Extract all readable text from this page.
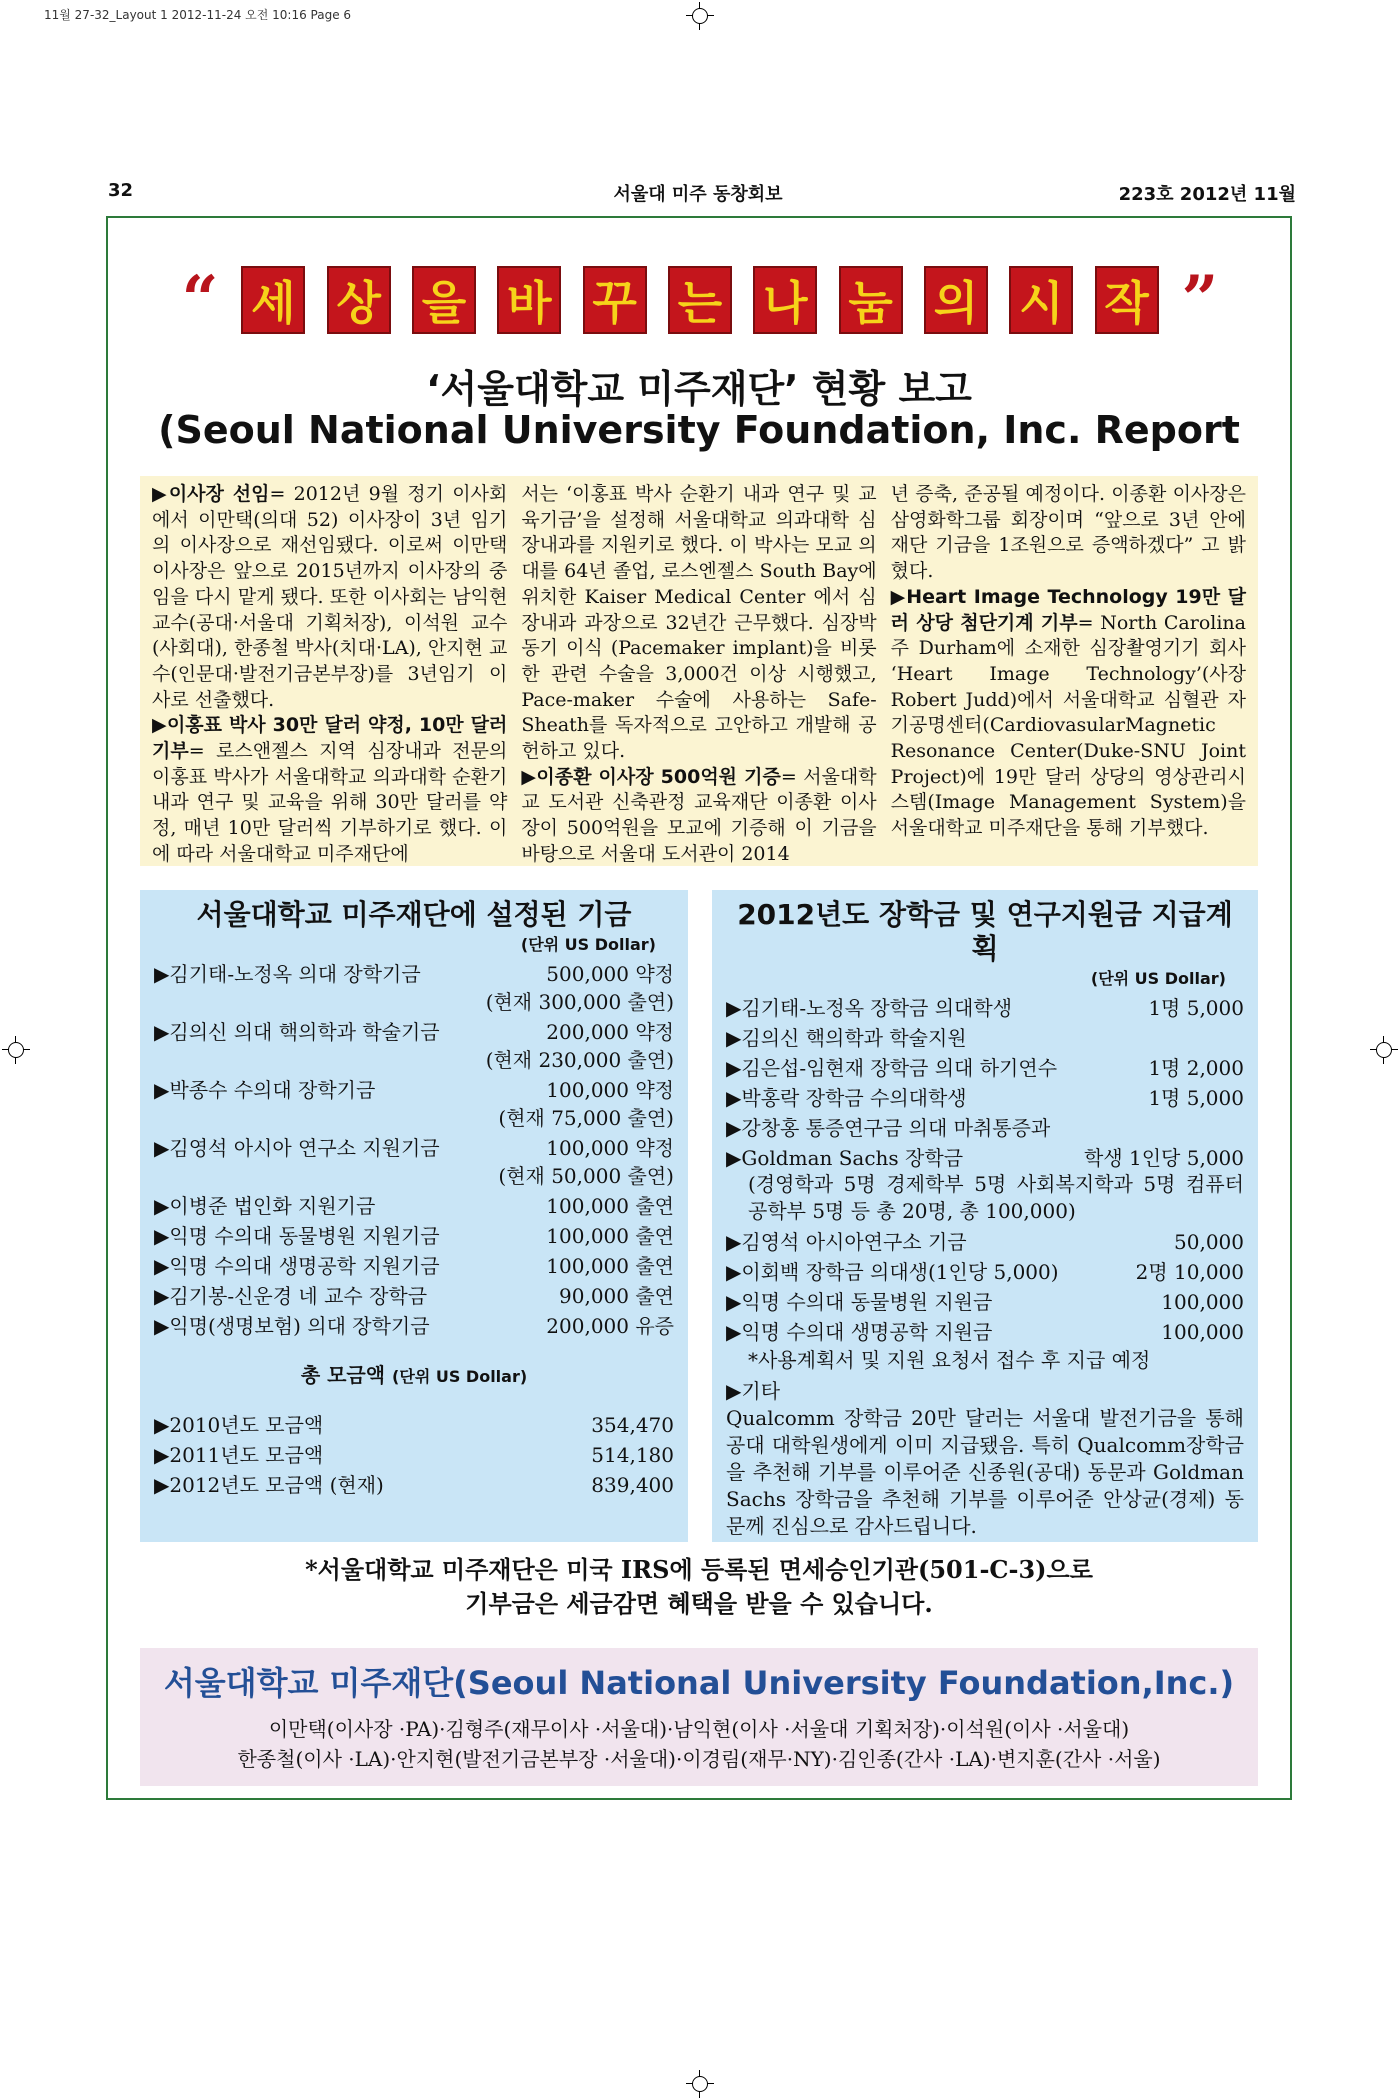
11월 27-32_Layout 1 2012-11-24 오전 10:16 Page 6
32	서울대 미주 동창회보	223호 2012년 11월
“ 세 상 을 바 꾸 는 나 눔 의 시 작 ”
‘서울대학교 미주재단’ 현황 보고
(Seoul National University Foundation, Inc. Report
▶이사장 선임= 2012년 9월 정기 이사회에서 이만택(의대 52) 이사장이 3년 임기의 이사장으로 재선임됐다. 이로써 이만택 이사장은 앞으로 2015년까지 이사장의 중임을 다시 맡게 됐다. 또한 이사회는 남익현 교수(공대·서울대 기획처장), 이석원 교수(사회대), 한종철 박사(치대·LA), 안지현 교수(인문대·발전기금본부장)를 3년임기 이사로 선출했다.
▶이홍표 박사 30만 달러 약정, 10만 달러 기부= 로스앤젤스 지역 심장내과 전문의 이홍표 박사가 서울대학교 의과대학 순환기 내과 연구 및 교육을 위해 30만 달러를 약정, 매년 10만 달러씩 기부하기로 했다. 이에 따라 서울대학교 미주재단에
서는 ‘이홍표 박사 순환기 내과 연구 및 교육기금’을 설정해 서울대학교 의과대학 심장내과를 지원키로 했다. 이 박사는 모교 의대를 64년 졸업, 로스엔젤스 South Bay에 위치한 Kaiser Medical Center 에서 심장내과 과장으로 32년간 근무했다. 심장박동기 이식 (Pacemaker implant)을 비롯한 관련 수술을 3,000건 이상 시행했고, Pace-maker 수술에 사용하는 Safe-Sheath를 독자적으로 고안하고 개발해 공헌하고 있다.
▶이종환 이사장 500억원 기증= 서울대학교 도서관 신축관정 교육재단 이종환 이사장이 500억원을 모교에 기증해 이 기금을 바탕으로 서울대 도서관이 2014
년 증축, 준공될 예정이다. 이종환 이사장은 삼영화학그룹 회장이며 “앞으로 3년 안에 재단 기금을 1조원으로 증액하겠다” 고 밝혔다.
▶Heart Image Technology 19만 달러 상당 첨단기계 기부= North Carolina주 Durham에 소재한 심장촬영기기 회사 ‘Heart Image Technology’(사장 Robert Judd)에서 서울대학교 심혈관 자기공명센터(CardiovasularMagnetic Resonance Center(Duke-SNU Joint Project)에 19만 달러 상당의 영상관리시스템(Image Management System)을 서울대학교 미주재단을 통해 기부했다.
서울대학교 미주재단에 설정된 기금
(단위 US Dollar)
▶김기태-노정옥 의대 장학기금	500,000 약정
(현재 300,000 출연)
▶김의신 의대 핵의학과 학술기금	200,000 약정
(현재 230,000 출연)
▶박종수 수의대 장학기금	100,000 약정
(현재 75,000 출연)
▶김영석 아시아 연구소 지원기금	100,000 약정
(현재 50,000 출연)
▶이병준 법인화 지원기금	100,000 출연
▶익명 수의대 동물병원 지원기금	100,000 출연
▶익명 수의대 생명공학 지원기금	100,000 출연
▶김기봉-신운경 네 교수 장학금	90,000 출연
▶익명(생명보험) 의대 장학기금	200,000 유증
총 모금액 (단위 US Dollar)
▶2010년도 모금액	354,470
▶2011년도 모금액	514,180
▶2012년도 모금액 (현재)	839,400
2012년도 장학금 및 연구지원금 지급계획
(단위 US Dollar)
▶김기태-노정옥 장학금 의대학생	1명 5,000
▶김의신 핵의학과 학술지원
▶김은섭-임현재 장학금 의대 하기연수	1명 2,000
▶박홍락 장학금 수의대학생	1명 5,000
▶강창홍 통증연구금 의대 마취통증과
▶Goldman Sachs 장학금	학생 1인당 5,000
(경영학과 5명 경제학부 5명 사회복지학과 5명 컴퓨터 공학부 5명 등 총 20명, 총 100,000)
▶김영석 아시아연구소 기금	50,000
▶이회백 장학금 의대생(1인당 5,000)	2명 10,000
▶익명 수의대 동물병원 지원금	100,000
▶익명 수의대 생명공학 지원금	100,000
*사용계획서 및 지원 요청서 접수 후 지급 예정
▶기타
Qualcomm 장학금 20만 달러는 서울대 발전기금을 통해 공대 대학원생에게 이미 지급됐음. 특히 Qualcomm장학금을 추천해 기부를 이루어준 신종원(공대) 동문과 Goldman Sachs 장학금을 추천해 기부를 이루어준 안상균(경제) 동문께 진심으로 감사드립니다.
*서울대학교 미주재단은 미국 IRS에 등록된 면세승인기관(501-C-3)으로
기부금은 세금감면 혜택을 받을 수 있습니다.
서울대학교 미주재단(Seoul National University Foundation,Inc.)
이만택(이사장 ·PA)·김형주(재무이사 ·서울대)·남익현(이사 ·서울대 기획처장)·이석원(이사 ·서울대)
한종철(이사 ·LA)·안지현(발전기금본부장 ·서울대)·이경림(재무·NY)·김인종(간사 ·LA)·변지훈(간사 ·서울)
